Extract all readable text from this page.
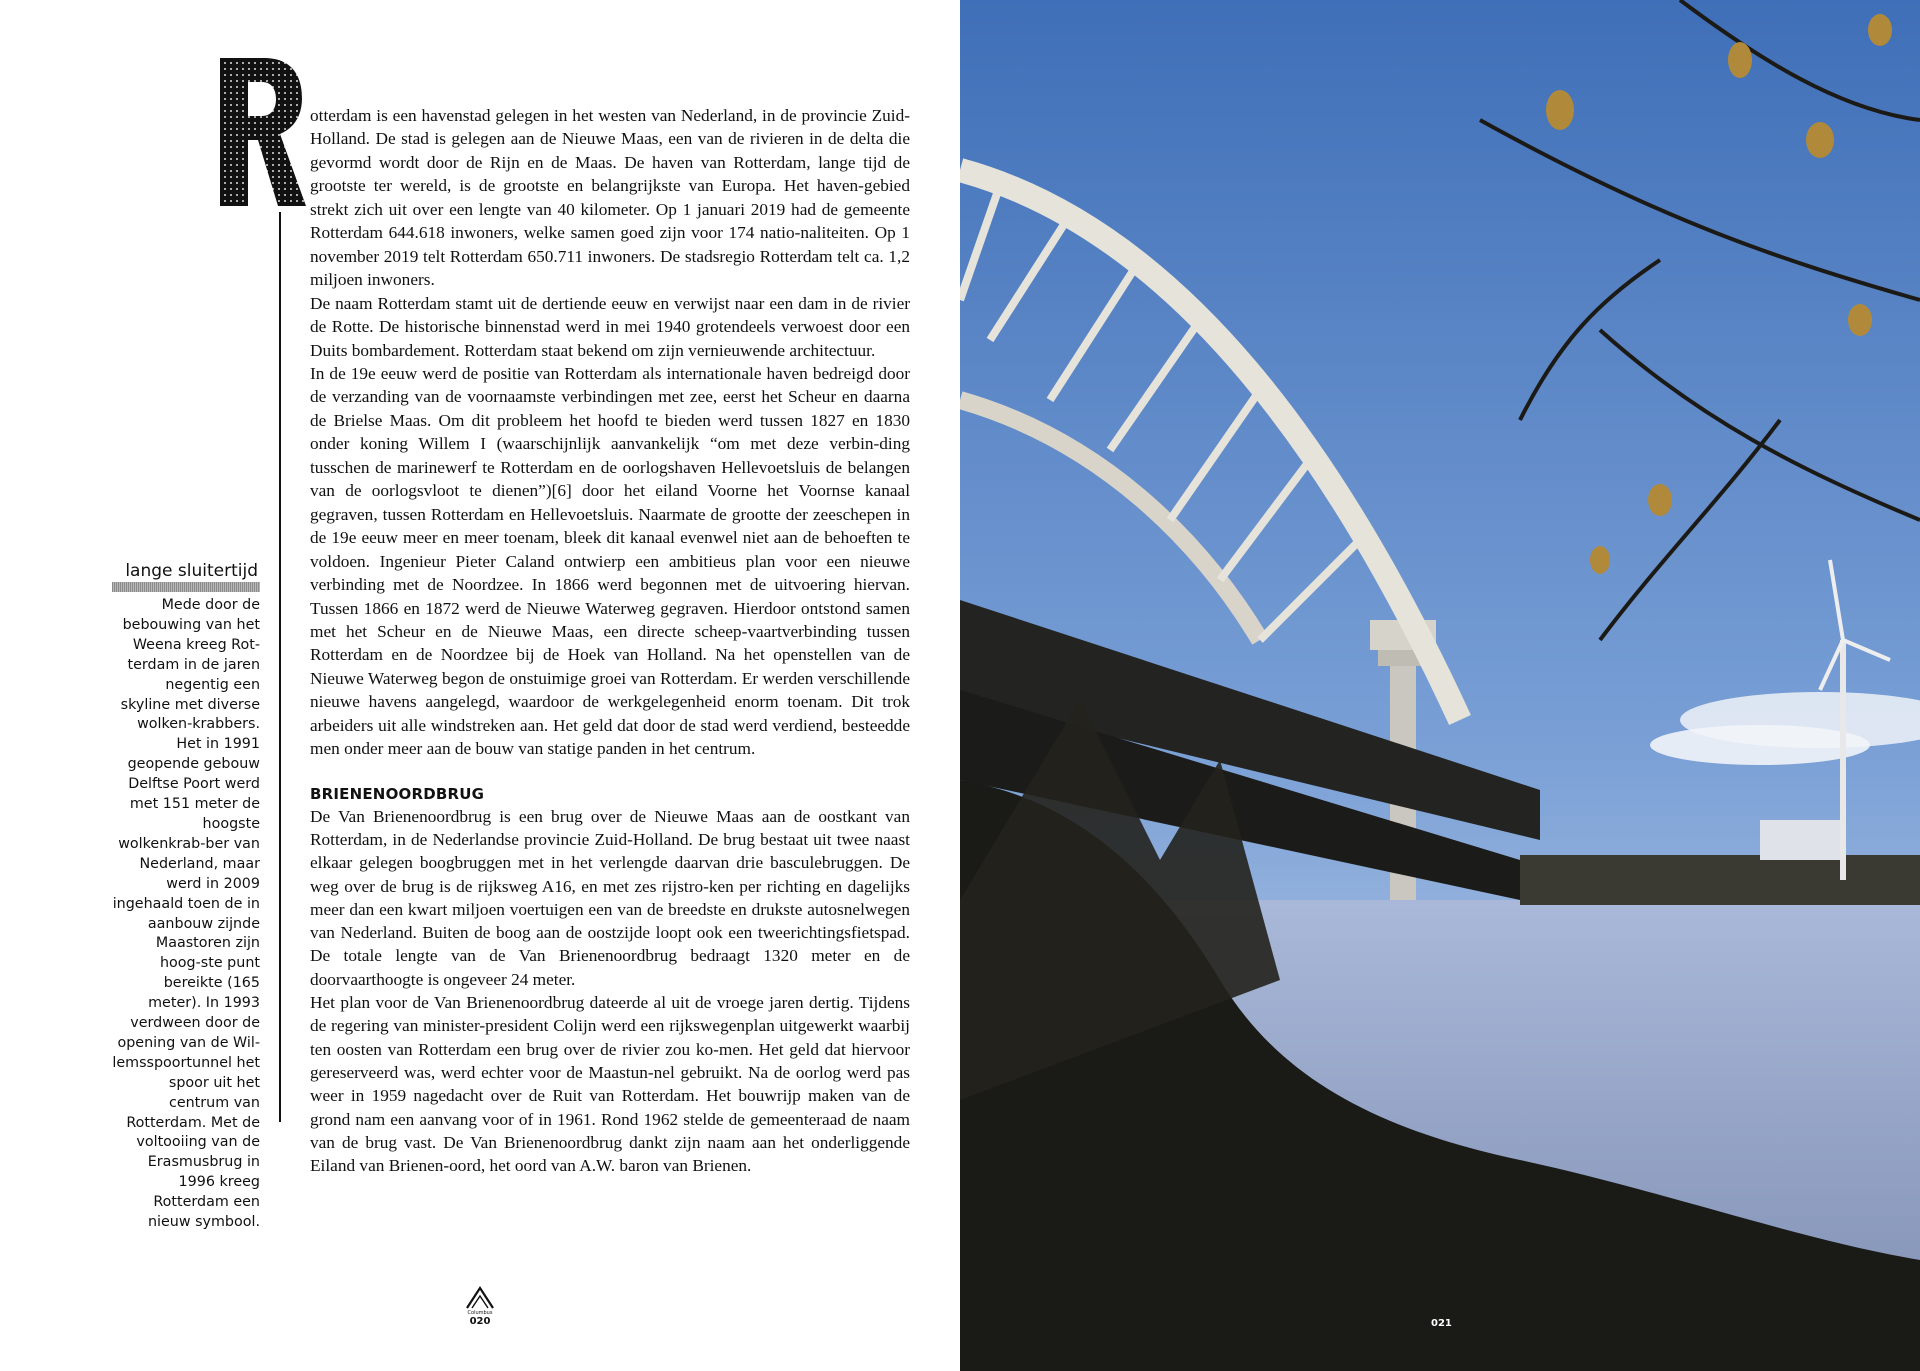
otterdam is een havenstad gelegen in het westen van Nederland, in de provincie Zuid-Holland. De stad is gelegen aan de Nieuwe Maas, een van de rivieren in de delta die gevormd wordt door de Rijn en de Maas. De haven van Rotterdam, lange tijd de grootste ter wereld, is de grootste en belangrijkste van Europa. Het haven-gebied strekt zich uit over een lengte van 40 kilometer. Op 1 januari 2019 had de gemeente Rotterdam 644.618 inwoners, welke samen goed zijn voor 174 natio-naliteiten. Op 1 november 2019 telt Rotterdam 650.711 inwoners. De stadsregio Rotterdam telt ca. 1,2 miljoen inwoners.

De naam Rotterdam stamt uit de dertiende eeuw en verwijst naar een dam in de rivier de Rotte. De historische binnenstad werd in mei 1940 grotendeels verwoest door een Duits bombardement. Rotterdam staat bekend om zijn vernieuwende architectuur.

In de 19e eeuw werd de positie van Rotterdam als internationale haven bedreigd door de verzanding van de voornaamste verbindingen met zee, eerst het Scheur en daarna de Brielse Maas. Om dit probleem het hoofd te bieden werd tussen 1827 en 1830 onder koning Willem I (waarschijnlijk aanvankelijk “om met deze verbin-ding tusschen de marinewerf te Rotterdam en de oorlogshaven Hellevoetsluis de belangen van de oorlogsvloot te dienen”)[6] door het eiland Voorne het Voornse kanaal gegraven, tussen Rotterdam en Hellevoetsluis. Naarmate de grootte der zeeschepen in de 19e eeuw meer en meer toenam, bleek dit kanaal evenwel niet aan de behoeften te voldoen. Ingenieur Pieter Caland ontwierp een ambitieus plan voor een nieuwe verbinding met de Noordzee. In 1866 werd begonnen met de uitvoering hiervan. Tussen 1866 en 1872 werd de Nieuwe Waterweg gegraven. Hierdoor ontstond samen met het Scheur en de Nieuwe Maas, een directe scheep-vaartverbinding tussen Rotterdam en de Noordzee bij de Hoek van Holland. Na het openstellen van de Nieuwe Waterweg begon de onstuimige groei van Rotterdam. Er werden verschillende nieuwe havens aangelegd, waardoor de werkgelegenheid enorm toenam. Dit trok arbeiders uit alle windstreken aan. Het geld dat door de stad werd verdiend, besteedde men onder meer aan de bouw van statige panden in het centrum.

BRIENENOORDBRUG

De Van Brienenoordbrug is een brug over de Nieuwe Maas aan de oostkant van Rotterdam, in de Nederlandse provincie Zuid-Holland. De brug bestaat uit twee naast elkaar gelegen boogbruggen met in het verlengde daarvan drie basculebruggen. De weg over de brug is de rijksweg A16, en met zes rijstro-ken per richting en dagelijks meer dan een kwart miljoen voertuigen een van de breedste en drukste autosnelwegen van Nederland. Buiten de boog aan de oostzijde loopt ook een tweerichtingsfietspad. De totale lengte van de Van Brienenoordbrug bedraagt 1320 meter en de doorvaarthoogte is ongeveer 24 meter.

Het plan voor de Van Brienenoordbrug dateerde al uit de vroege jaren dertig. Tijdens de regering van minister-president Colijn werd een rijkswegenplan uitgewerkt waarbij ten oosten van Rotterdam een brug over de rivier zou ko-men. Het geld dat hiervoor gereserveerd was, werd echter voor de Maastun-nel gebruikt. Na de oorlog werd pas weer in 1959 nagedacht over de Ruit van Rotterdam. Het bouwrijp maken van de grond nam een aanvang voor of in 1961. Rond 1962 stelde de gemeenteraad de naam van de brug vast. De Van Brienenoordbrug dankt zijn naam aan het onderliggende Eiland van Brienen-oord, het oord van A.W. baron van Brienen.

lange sluitertijd
Mede door de bebouwing van het Weena kreeg Rot-terdam in de jaren negentig een skyline met diverse wolken-krabbers. Het in 1991 geopende gebouw Delftse Poort werd met 151 meter de hoogste wolkenkrab-ber van Nederland, maar werd in 2009 ingehaald toen de in aanbouw zijnde Maastoren zijn hoog-ste punt bereikte (165 meter). In 1993 verdween door de opening van de Wil-lemsspoortunnel het spoor uit het centrum van Rotterdam. Met de voltooiing van de Erasmusbrug in 1996 kreeg Rotterdam een nieuw symbool.
Columbus
020	021
